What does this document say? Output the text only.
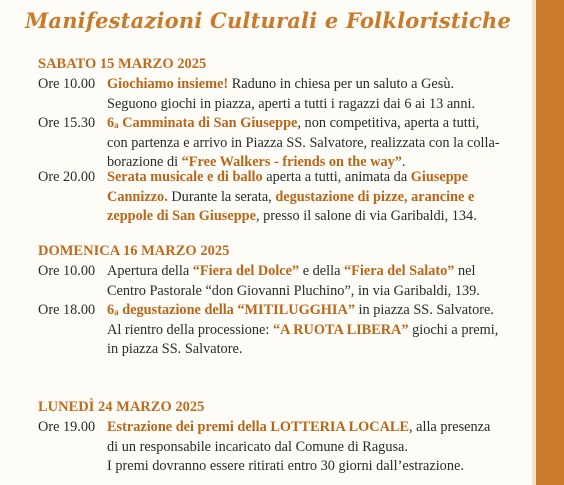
Manifestazioni Culturali e Folkloristiche
SABATO 15 MARZO 2025
Ore 10.00 Giochiamo insieme! Raduno in chiesa per un saluto a Gesù.
Seguono giochi in piazza, aperti a tutti i ragazzi dai 6 ai 13 anni.
Ore 15.30 6$^a$ Camminata di San Giuseppe, non competitiva, aperta a tutti,
con partenza e arrivo in Piazza SS. Salvatore, realizzata con la colla-
borazione di “Free Walkers - friends on the way”.
Ore 20.00 Serata musicale e di ballo aperta a tutti, animata da Giuseppe
Cannizzo. Durante la serata, degustazione di pizze, arancine e
zeppole di San Giuseppe, presso il salone di via Garibaldi, 134.
DOMENICA 16 MARZO 2025
Ore 10.00 Apertura della “Fiera del Dolce” e della “Fiera del Salato” nel
Centro Pastorale “don Giovanni Pluchino”, in via Garibaldi, 139.
Ore 18.00 6$^a$ degustazione della “MITILUGGHIA” in piazza SS. Salvatore.
Al rientro della processione: “A RUOTA LIBERA” giochi a premi,
in piazza SS. Salvatore.
LUNEDÌ 24 MARZO 2025
Ore 19.00 Estrazione dei premi della LOTTERIA LOCALE, alla presenza
di un responsabile incaricato dal Comune di Ragusa.
I premi dovranno essere ritirati entro 30 giorni dall’estrazione.
